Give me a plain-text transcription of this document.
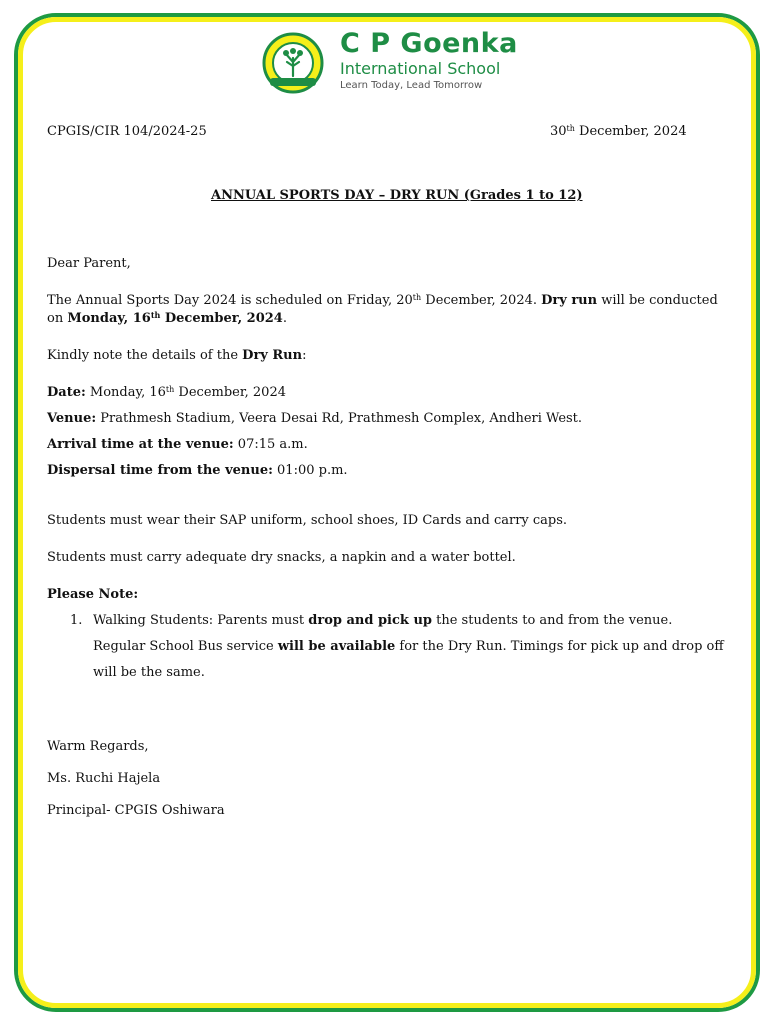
C P Goenka
International School
Learn Today, Lead Tomorrow
CPGIS/CIR 104/2024-25	30th December, 2024
ANNUAL SPORTS DAY – DRY RUN (Grades 1 to 12)
Dear Parent,
The Annual Sports Day 2024 is scheduled on Friday, 20th December, 2024. Dry run will be conducted
on Monday, 16th December, 2024.
Kindly note the details of the Dry Run:
Date: Monday, 16th December, 2024
Venue: Prathmesh Stadium, Veera Desai Rd, Prathmesh Complex, Andheri West.
Arrival time at the venue: 07:15 a.m.
Dispersal time from the venue: 01:00 p.m.
Students must wear their SAP uniform, school shoes, ID Cards and carry caps.
Students must carry adequate dry snacks, a napkin and a water bottel.
Please Note:
1. Walking Students: Parents must drop and pick up the students to and from the venue.
Regular School Bus service will be available for the Dry Run. Timings for pick up and drop off
will be the same.
Warm Regards,
Ms. Ruchi Hajela
Principal- CPGIS Oshiwara
